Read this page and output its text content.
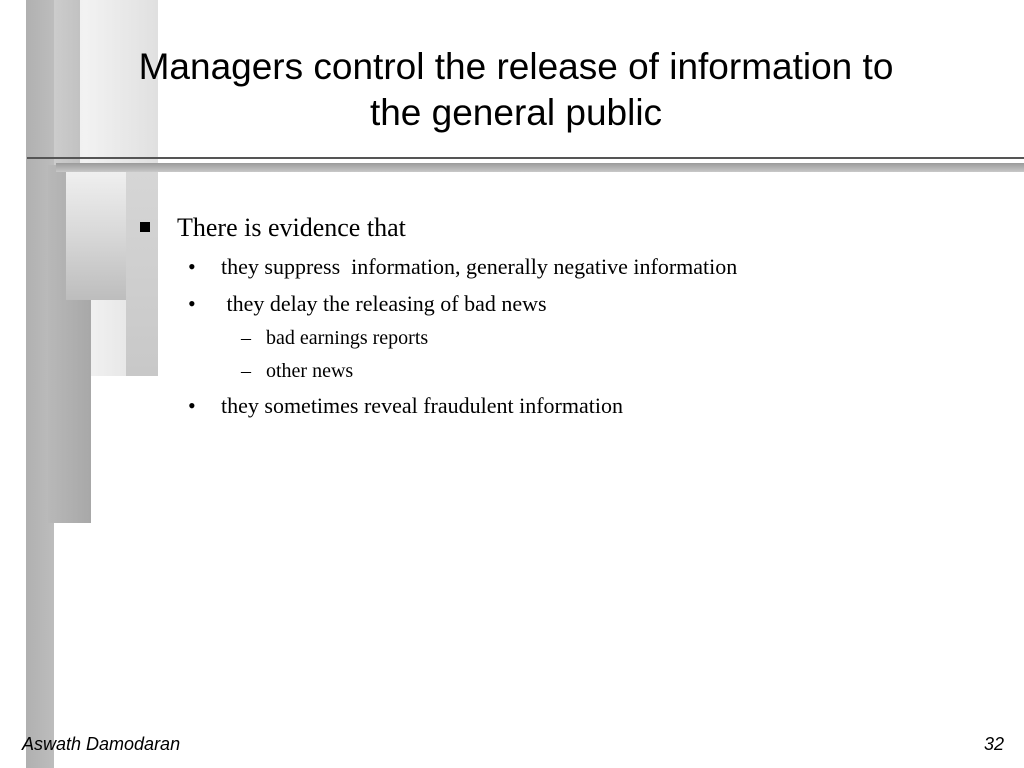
Managers control the release of information to
the general public
There is evidence that
• they suppress  information, generally negative information
• they delay the releasing of bad news
– bad earnings reports
– other news
• they sometimes reveal fraudulent information
Aswath Damodaran	32
